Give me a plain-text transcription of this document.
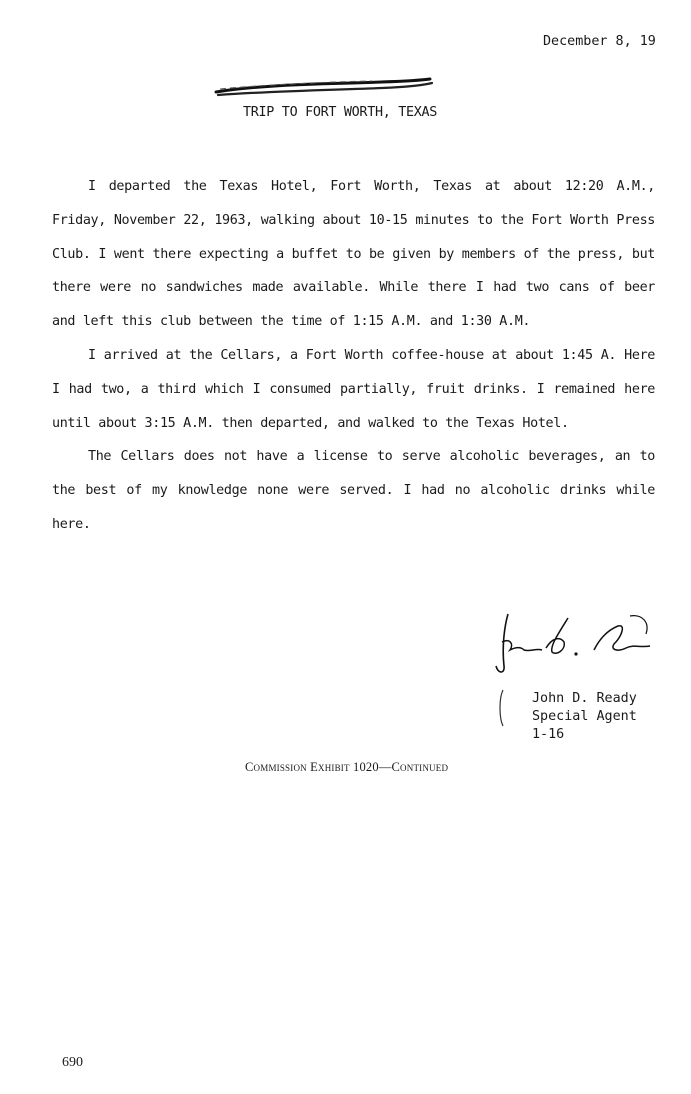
December 8, 19
TRIP TO FORT WORTH, TEXAS

I departed the Texas Hotel, Fort Worth, Texas at about 12:20 A.M., Friday, November 22, 1963, walking about 10-15 minutes to the Fort Worth Press Club. I went there expecting a buffet to be given by members of the press, but there were no sandwiches made available. While there I had two cans of beer and left this club between the time of 1:15 A.M. and 1:30 A.M.

I arrived at the Cellars, a Fort Worth coffee-house at about 1:45 A. Here I had two, a third which I consumed partially, fruit drinks. I remained here until about 3:15 A.M. then departed, and walked to the Texas Hotel.

The Cellars does not have a license to serve alcoholic beverages, an to the best of my knowledge none were served. I had no alcoholic drinks while here.

John D. Ready
Special Agent
1-16
Commission Exhibit 1020—Continued
690
